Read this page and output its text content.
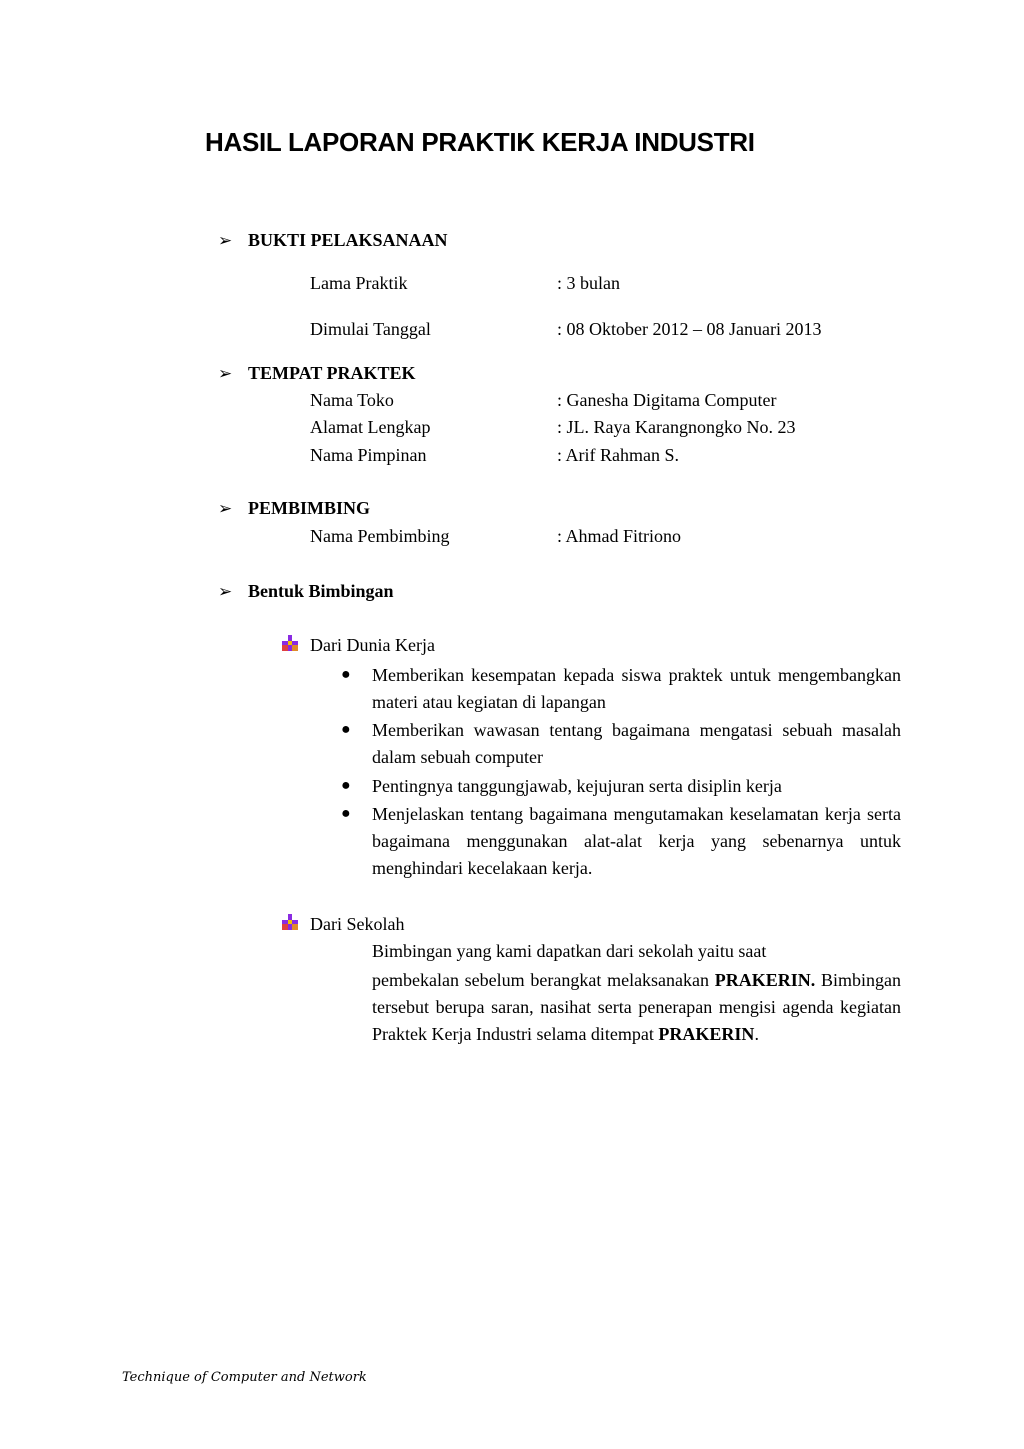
HASIL LAPORAN PRAKTIK KERJA INDUSTRI
➢ BUKTI PELAKSANAAN
Lama Praktik	: 3 bulan
Dimulai Tanggal	: 08 Oktober 2012 – 08 Januari 2013
➢ TEMPAT PRAKTEK
Nama Toko	: Ganesha Digitama Computer
Alamat Lengkap	: JL. Raya Karangnongko No. 23
Nama Pimpinan	: Arif Rahman S.
➢ PEMBIMBING
Nama Pembimbing	: Ahmad Fitriono
➢ Bentuk Bimbingan
Dari Dunia Kerja
● Memberikan kesempatan kepada siswa praktek untuk mengembangkan materi atau kegiatan di lapangan
● Memberikan wawasan tentang bagaimana mengatasi sebuah masalah dalam sebuah computer
● Pentingnya tanggungjawab, kejujuran serta disiplin kerja
● Menjelaskan tentang bagaimana mengutamakan keselamatan kerja serta bagaimana menggunakan alat-alat kerja yang sebenarnya untuk menghindari kecelakaan kerja.
Dari Sekolah
Bimbingan yang kami dapatkan dari sekolah yaitu saat
pembekalan sebelum berangkat melaksanakan PRAKERIN. Bimbingan tersebut berupa saran, nasihat serta penerapan mengisi agenda kegiatan Praktek Kerja Industri selama ditempat PRAKERIN.
Technique of Computer and Network
